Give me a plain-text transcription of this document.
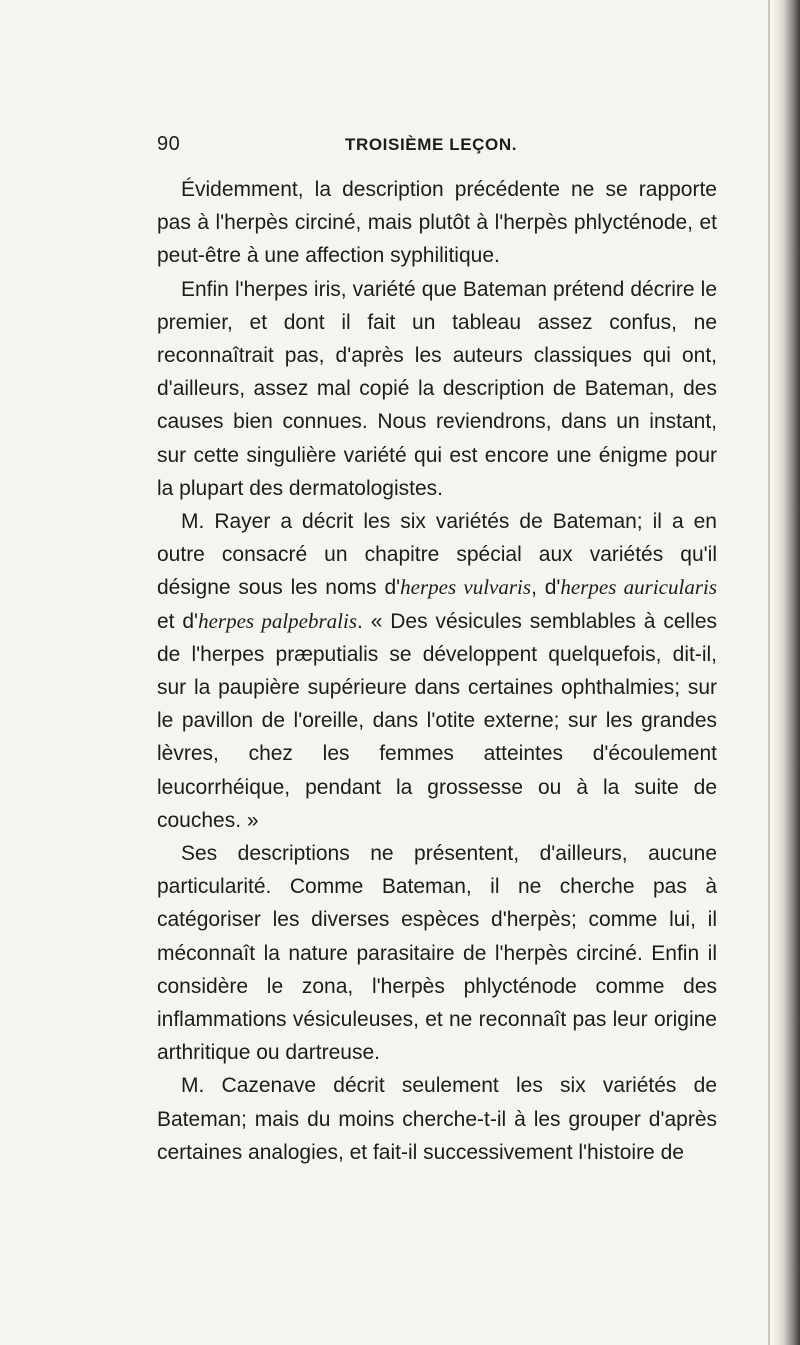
90	TROISIÈME LEÇON.

Évidemment, la description précédente ne se rapporte pas à l'herpès circiné, mais plutôt à l'herpès phlycténode, et peut-être à une affection syphilitique.

Enfin l'herpes iris, variété que Bateman prétend décrire le premier, et dont il fait un tableau assez confus, ne reconnaîtrait pas, d'après les auteurs classiques qui ont, d'ailleurs, assez mal copié la description de Bateman, des causes bien connues. Nous reviendrons, dans un instant, sur cette singulière variété qui est encore une énigme pour la plupart des dermatologistes.

M. Rayer a décrit les six variétés de Bateman; il a en outre consacré un chapitre spécial aux variétés qu'il désigne sous les noms d'herpes vulvaris, d'herpes auricularis et d'herpes palpebralis. « Des vésicules semblables à celles de l'herpes præputialis se développent quelquefois, dit-il, sur la paupière supérieure dans certaines ophthalmies; sur le pavillon de l'oreille, dans l'otite externe; sur les grandes lèvres, chez les femmes atteintes d'écoulement leucorrhéique, pendant la grossesse ou à la suite de couches. »

Ses descriptions ne présentent, d'ailleurs, aucune particularité. Comme Bateman, il ne cherche pas à catégoriser les diverses espèces d'herpès; comme lui, il méconnaît la nature parasitaire de l'herpès circiné. Enfin il considère le zona, l'herpès phlycténode comme des inflammations vésiculeuses, et ne reconnaît pas leur origine arthritique ou dartreuse.

M. Cazenave décrit seulement les six variétés de Bateman; mais du moins cherche-t-il à les grouper d'après certaines analogies, et fait-il successivement l'histoire de
